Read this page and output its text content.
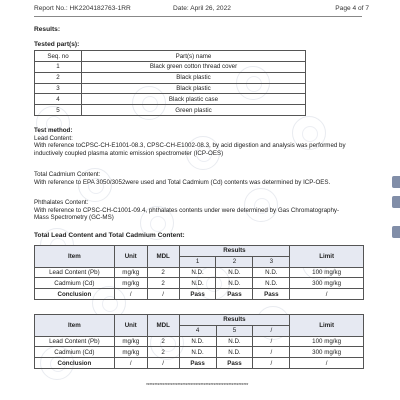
Report No.: HK2204182763-1RR	Date: April 26, 2022	Page 4 of 7
Results:
Tested part(s):
Seq. no	Part(s) name
1	Black green cotton thread cover
2	Black plastic
3	Black plastic
4	Black plastic case
5	Green plastic
Test method:
Lead Content:
With reference toCPSC-CH-E1001-08.3, CPSC-CH-E1002-08.3, by acid digestion and analysis was performed by
inductively coupled plasma atomic emission spectrometer (ICP-OES)
Total Cadmium Content:
With reference to EPA 3050/3052were used and Total Cadmium (Cd) contents was determined by ICP-OES.
Phthalates Content:
With reference to CPSC-CH-C1001-09.4, phthalates contents under were determined by Gas Chromatography-
Mass Spectrometry (GC-MS)
Total Lead Content and Total Cadmium Content:
Item	Unit	MDL	Results			Limit
			1	2	3	
Lead Content (Pb)	mg/kg	2	N.D.	N.D.	N.D.	100 mg/kg
Cadmium (Cd)	mg/kg	2	N.D.	N.D.	N.D.	300 mg/kg
Conclusion	/	/	Pass	Pass	Pass	/
Item	Unit	MDL	Results			Limit
			4	5	/	
Lead Content (Pb)	mg/kg	2	N.D.	N.D.	/	100 mg/kg
Cadmium (Cd)	mg/kg	2	N.D.	N.D.	/	300 mg/kg
Conclusion	/	/	Pass	Pass	/	/
**************************************************************
